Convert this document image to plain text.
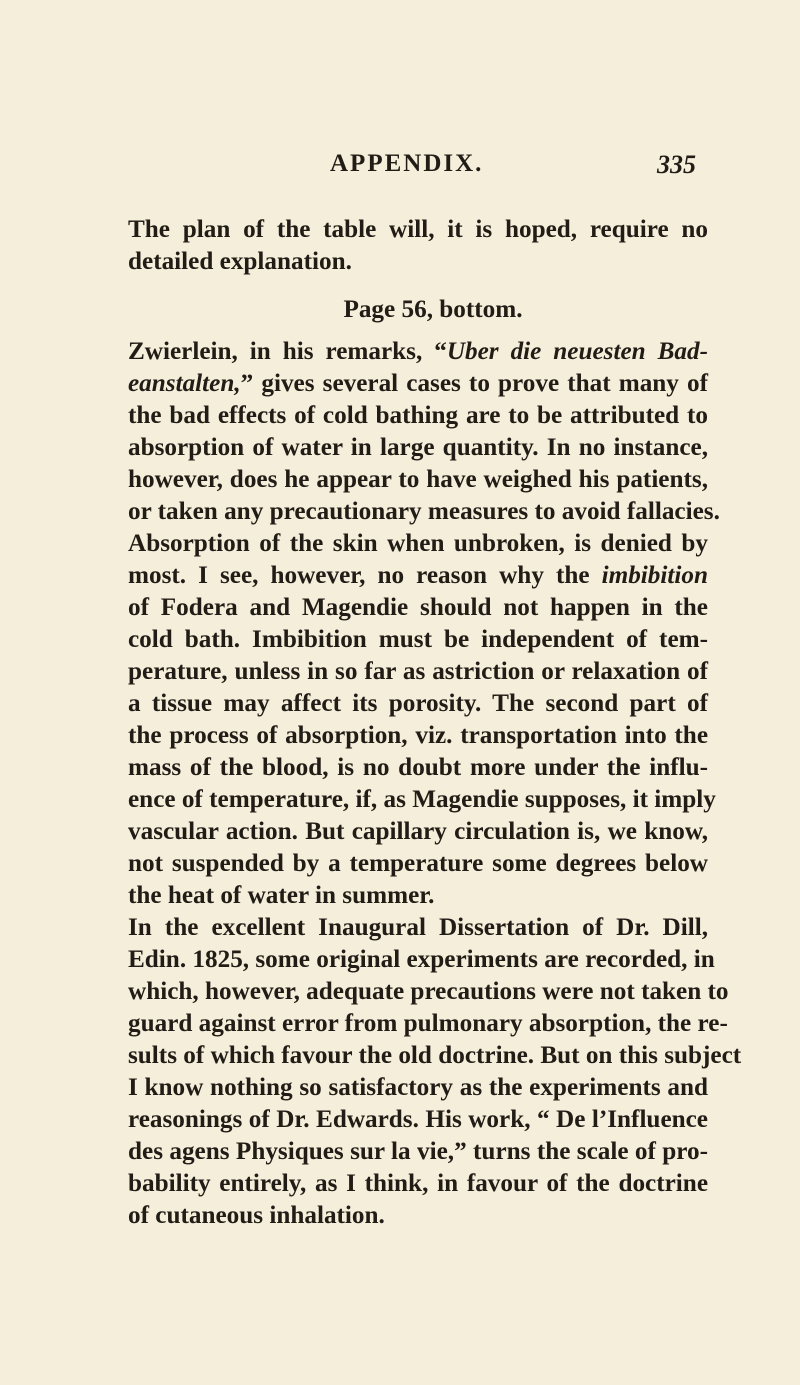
APPENDIX.	335
The plan of the table will, it is hoped, require no
detailed explanation.
Page 56, bottom.
Zwierlein, in his remarks, “Uber die neuesten Bad-
eanstalten,” gives several cases to prove that many of
the bad effects of cold bathing are to be attributed to
absorption of water in large quantity. In no instance,
however, does he appear to have weighed his patients,
or taken any precautionary measures to avoid fallacies.
Absorption of the skin when unbroken, is denied by
most. I see, however, no reason why the imbibition
of Fodera and Magendie should not happen in the
cold bath. Imbibition must be independent of tem-
perature, unless in so far as astriction or relaxation of
a tissue may affect its porosity. The second part of
the process of absorption, viz. transportation into the
mass of the blood, is no doubt more under the influ-
ence of temperature, if, as Magendie supposes, it imply
vascular action. But capillary circulation is, we know,
not suspended by a temperature some degrees below
the heat of water in summer.
In the excellent Inaugural Dissertation of Dr. Dill,
Edin. 1825, some original experiments are recorded, in
which, however, adequate precautions were not taken to
guard against error from pulmonary absorption, the re-
sults of which favour the old doctrine. But on this subject
I know nothing so satisfactory as the experiments and
reasonings of Dr. Edwards. His work, “ De l’Influence
des agens Physiques sur la vie,” turns the scale of pro-
bability entirely, as I think, in favour of the doctrine
of cutaneous inhalation.
